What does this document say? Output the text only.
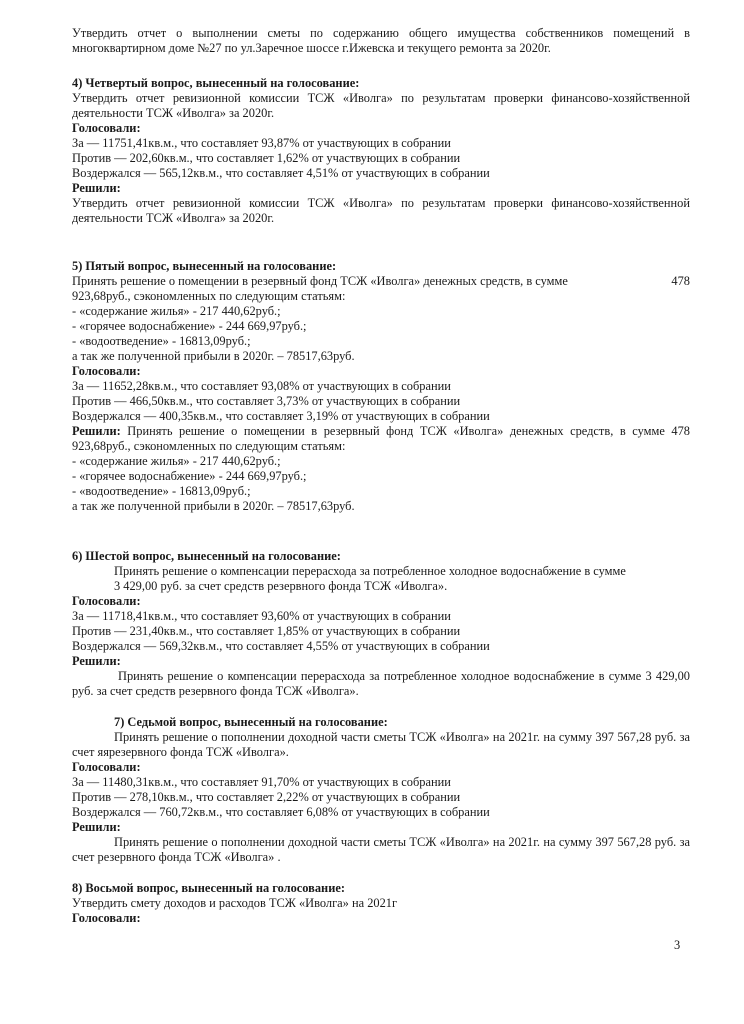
Утвердить отчет о выполнении сметы по содержанию общего имущества собственников помещений в многоквартирном доме №27 по ул.Заречное шоссе г.Ижевска и текущего ремонта за 2020г.
4) Четвертый вопрос, вынесенный на голосование:
Утвердить отчет ревизионной комиссии ТСЖ «Иволга» по результатам проверки финансово-хозяйственной деятельности ТСЖ «Иволга» за 2020г.
Голосовали:
За — 11751,41кв.м., что составляет 93,87% от участвующих в собрании
Против — 202,60кв.м., что составляет 1,62% от участвующих в собрании
Воздержался — 565,12кв.м., что составляет 4,51% от участвующих в собрании
Решили:
Утвердить отчет ревизионной комиссии ТСЖ «Иволга» по результатам проверки финансово-хозяйственной деятельности ТСЖ «Иволга» за 2020г.
5) Пятый вопрос, вынесенный на голосование:
Принять решение о помещении в резервный фонд ТСЖ «Иволга» денежных средств, в сумме	478
923,68руб., сэкономленных по следующим статьям:
- «содержание жилья» - 217 440,62руб.;
- «горячее водоснабжение» - 244 669,97руб.;
- «водоотведение» - 16813,09руб.;
а так же полученной прибыли в 2020г. – 78517,63руб.
Голосовали:
За — 11652,28кв.м., что составляет 93,08% от участвующих в собрании
Против — 466,50кв.м., что составляет 3,73% от участвующих в собрании
Воздержался — 400,35кв.м., что составляет 3,19% от участвующих в собрании
Решили: Принять решение о помещении в резервный фонд ТСЖ «Иволга» денежных средств, в сумме 478 923,68руб., сэкономленных по следующим статьям:
- «содержание жилья» - 217 440,62руб.;
- «горячее водоснабжение» - 244 669,97руб.;
- «водоотведение» - 16813,09руб.;
а так же полученной прибыли в 2020г. – 78517,63руб.
6) Шестой вопрос, вынесенный на голосование:
Принять решение о компенсации перерасхода за потребленное холодное водоснабжение в сумме
3 429,00 руб. за счет средств резервного фонда ТСЖ «Иволга».
Голосовали:
За — 11718,41кв.м., что составляет 93,60% от участвующих в собрании
Против — 231,40кв.м., что составляет 1,85% от участвующих в собрании
Воздержался — 569,32кв.м., что составляет 4,55% от участвующих в собрании
Решили:
Принять решение о компенсации перерасхода за потребленное холодное водоснабжение в сумме 3 429,00 руб. за счет средств резервного фонда ТСЖ «Иволга».
7) Седьмой вопрос, вынесенный на голосование:
Принять решение о пополнении доходной части сметы ТСЖ «Иволга» на 2021г. на сумму 397 567,28 руб. за счет яярезервного фонда ТСЖ «Иволга».
Голосовали:
За — 11480,31кв.м., что составляет 91,70% от участвующих в собрании
Против — 278,10кв.м., что составляет 2,22% от участвующих в собрании
Воздержался — 760,72кв.м., что составляет 6,08% от участвующих в собрании
Решили:
Принять решение о пополнении доходной части сметы ТСЖ «Иволга» на 2021г. на сумму 397 567,28 руб. за счет резервного фонда ТСЖ «Иволга» .
8) Восьмой вопрос, вынесенный на голосование:
Утвердить смету доходов и расходов ТСЖ «Иволга» на 2021г
Голосовали:
3
